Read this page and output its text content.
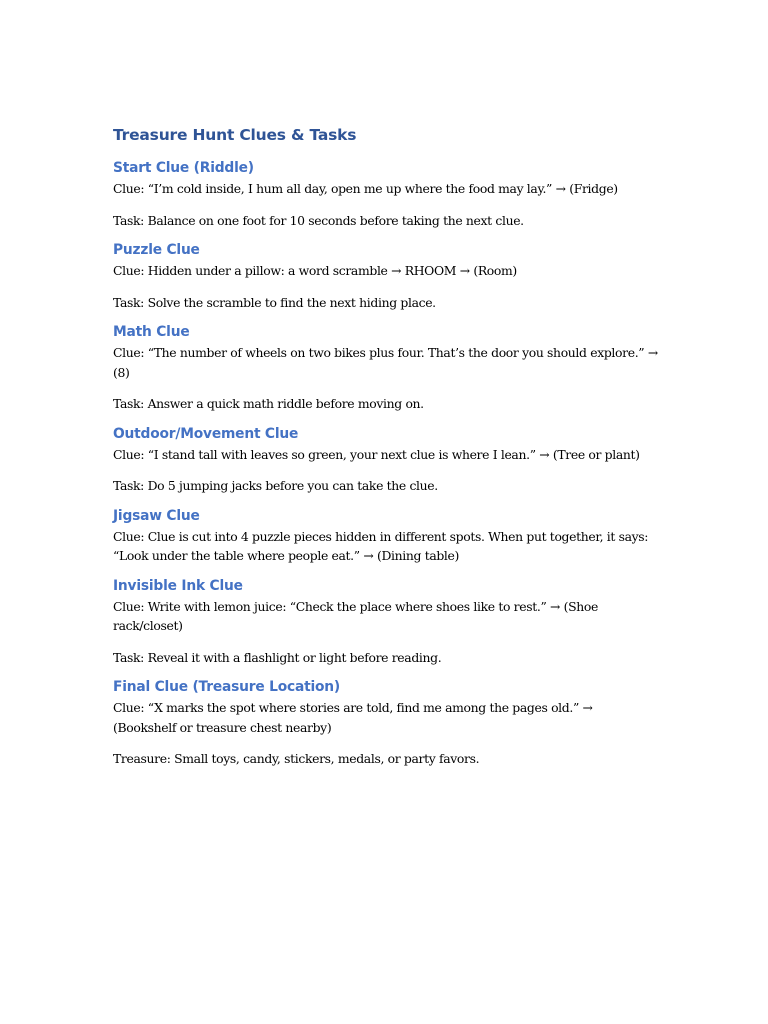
Treasure Hunt Clues & Tasks
Start Clue (Riddle)

Clue: “I’m cold inside, I hum all day, open me up where the food may lay.” → (Fridge)

Task: Balance on one foot for 10 seconds before taking the next clue.

Puzzle Clue

Clue: Hidden under a pillow: a word scramble → RHOOM → (Room)

Task: Solve the scramble to find the next hiding place.

Math Clue

Clue: “The number of wheels on two bikes plus four. That’s the door you should explore.” → (8)

Task: Answer a quick math riddle before moving on.

Outdoor/Movement Clue

Clue: “I stand tall with leaves so green, your next clue is where I lean.” → (Tree or plant)

Task: Do 5 jumping jacks before you can take the clue.

Jigsaw Clue

Clue: Clue is cut into 4 puzzle pieces hidden in different spots. When put together, it says: “Look under the table where people eat.” → (Dining table)

Invisible Ink Clue

Clue: Write with lemon juice: “Check the place where shoes like to rest.” → (Shoe rack/closet)

Task: Reveal it with a flashlight or light before reading.

Final Clue (Treasure Location)

Clue: “X marks the spot where stories are told, find me among the pages old.” → (Bookshelf or treasure chest nearby)

Treasure: Small toys, candy, stickers, medals, or party favors.
